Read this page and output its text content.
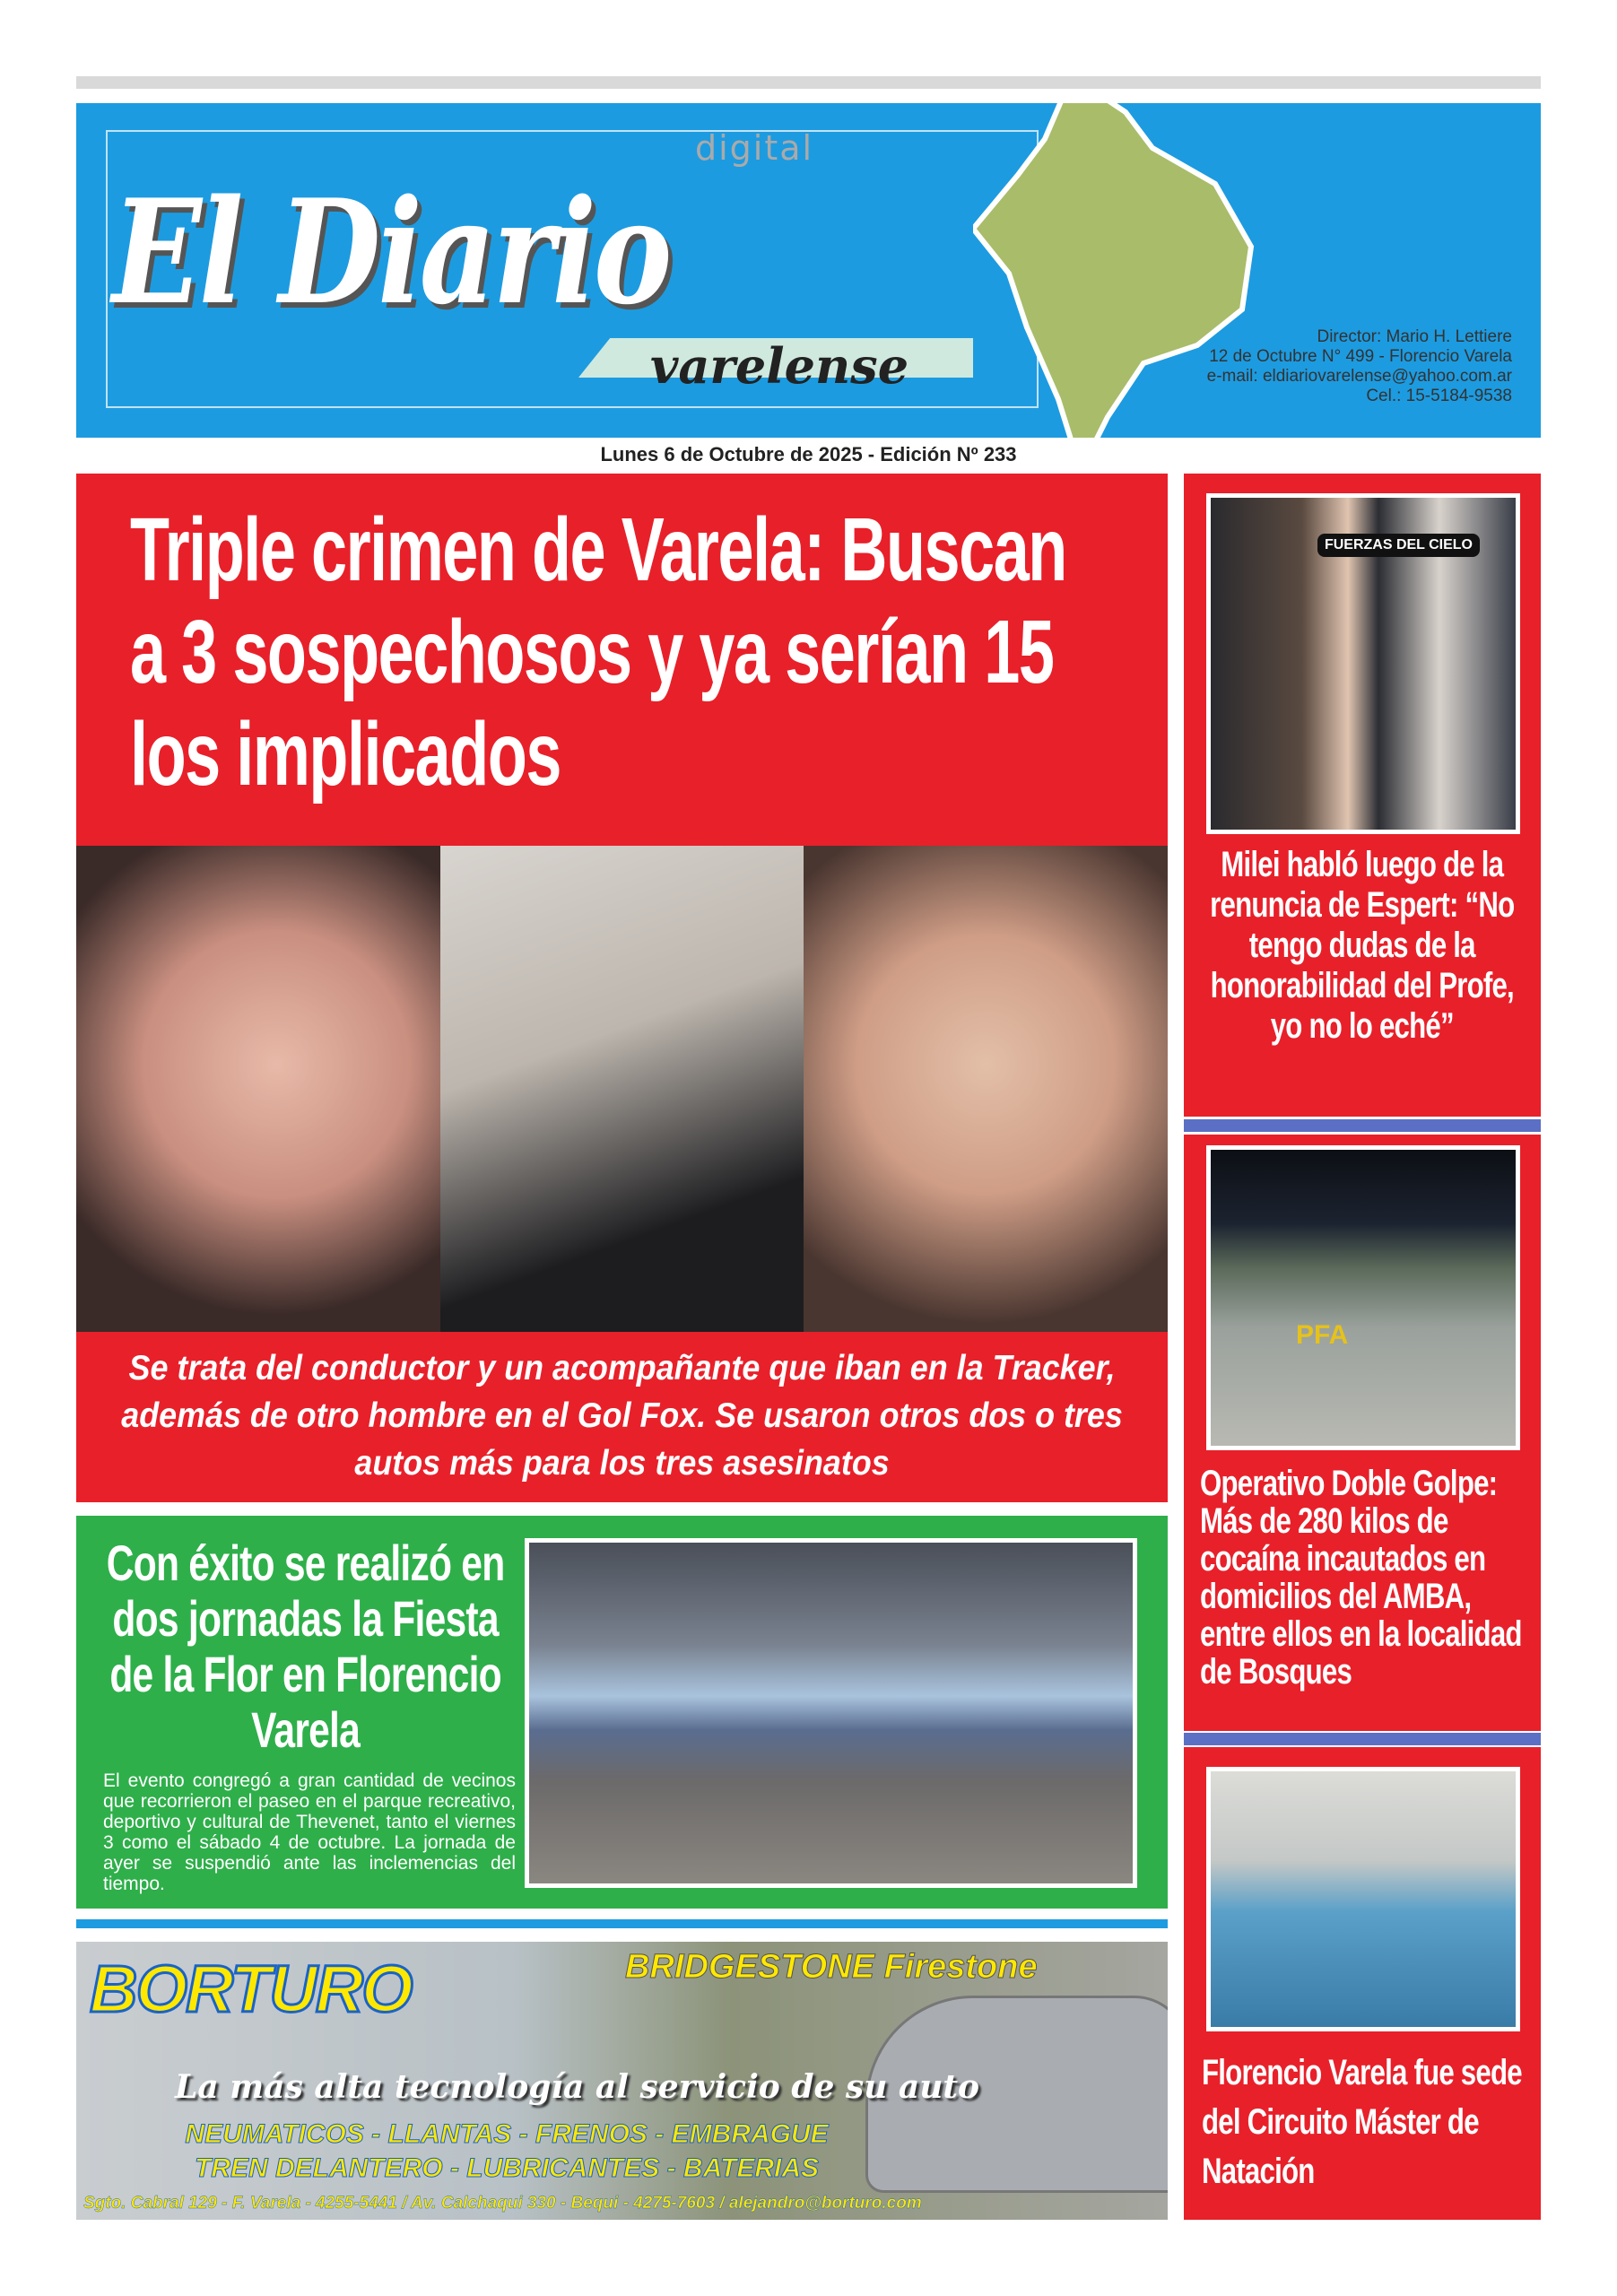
El Diario
digital
varelense
Director: Mario H. Lettiere
12 de Octubre N° 499 - Florencio Varela
e-mail: eldiariovarelense@yahoo.com.ar
Cel.: 15-5184-9538
Lunes 6 de Octubre de 2025 - Edición Nº 233
Triple crimen de Varela: Buscan a 3 sospechosos y ya serían 15 los implicados
Se trata del conductor y un acompañante que iban en la Tracker, además de otro hombre en el Gol Fox. Se usaron otros dos o tres autos más para los tres asesinatos
Con éxito se realizó en dos jornadas la Fiesta de la Flor en Florencio Varela
El evento congregó a gran cantidad de vecinos que recorrieron el paseo en el parque recreativo, deportivo y cultural de Thevenet, tanto el viernes 3 como el sábado 4 de octubre. La jornada de ayer se suspendió ante las inclemencias del tiempo.
BORTURO	BRIDGESTONE Firestone
La más alta tecnología al servicio de su auto
NEUMATICOS - LLANTAS - FRENOS - EMBRAGUE
TREN DELANTERO - LUBRICANTES - BATERIAS
Sgto. Cabral 129 - F. Varela - 4255-5441 / Av. Calchaqui 330 - Bequi - 4275-7603 / alejandro@borturo.com
FUERZAS DEL CIELO
Milei habló luego de la renuncia de Espert: “No tengo dudas de la honorabilidad del Profe, yo no lo eché”
PFA
Operativo Doble Golpe: Más de 280 kilos de cocaína incautados en domicilios del AMBA, entre ellos en la localidad de Bosques
Florencio Varela fue sede del Circuito Máster de Natación
